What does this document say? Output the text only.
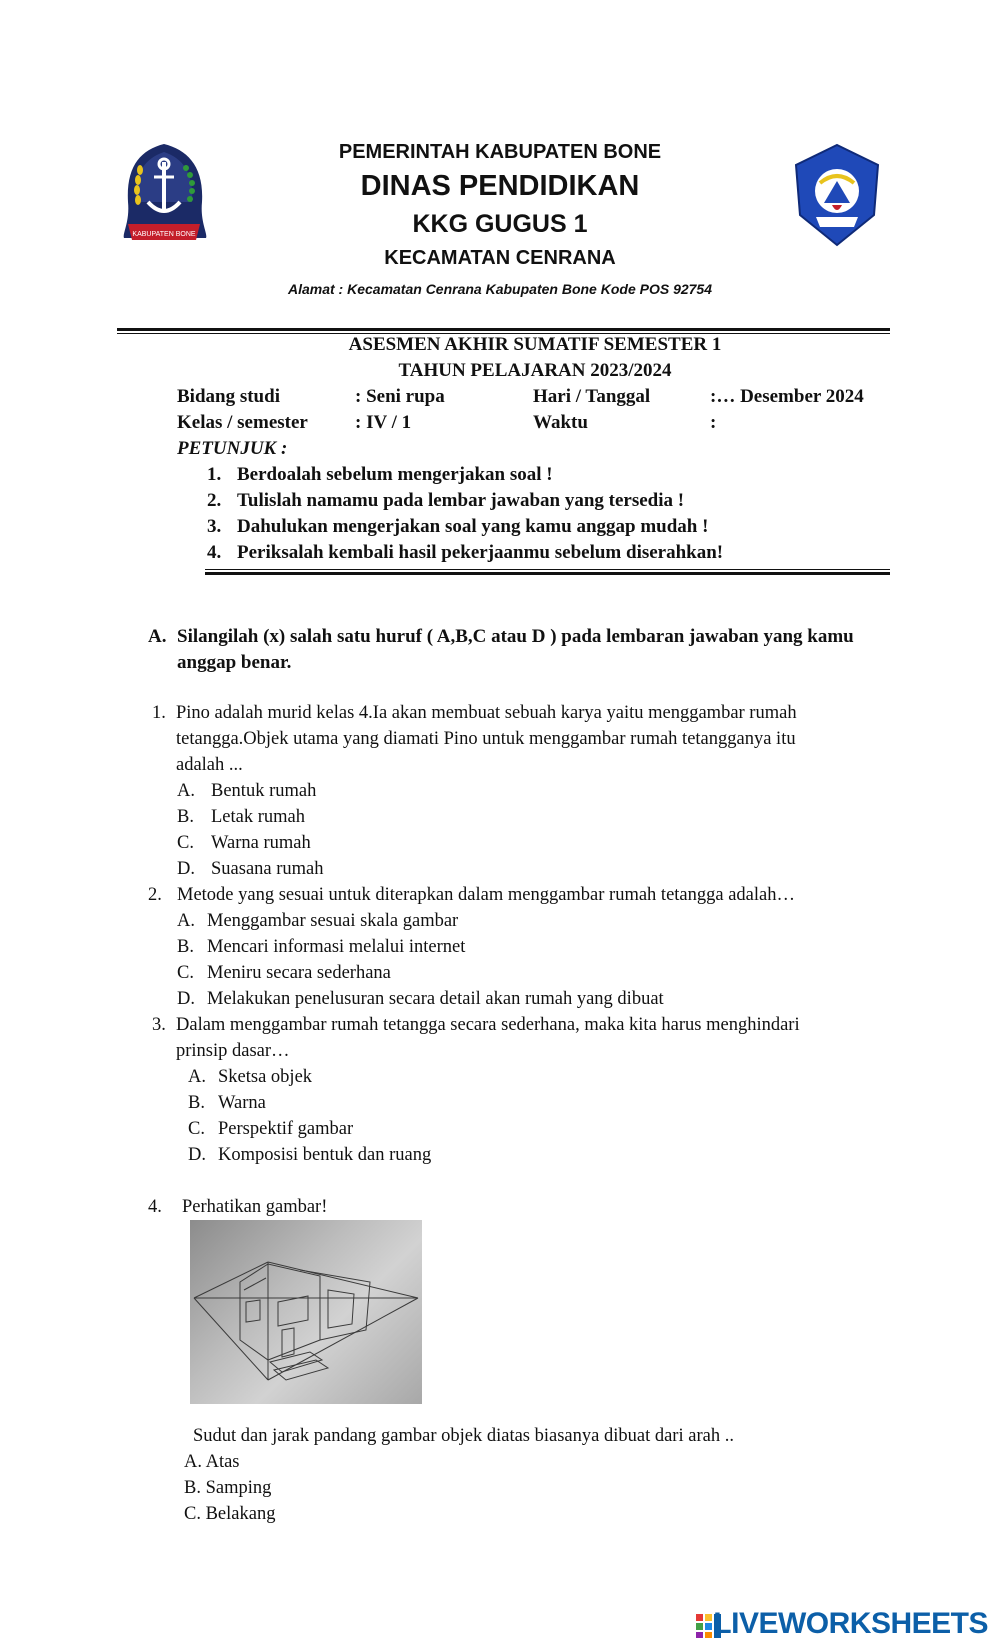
KABUPATEN BONE
PEMERINTAH KABUPATEN BONE
DINAS PENDIDIKAN
KKG GUGUS 1
KECAMATAN CENRANA
Alamat : Kecamatan Cenrana Kabupaten Bone Kode POS 92754
ASESMEN AKHIR SUMATIF SEMESTER 1
TAHUN PELAJARAN 2023/2024
Bidang studi	: Seni rupa	Hari / Tanggal	:… Desember 2024
Kelas / semester : IV / 1	Waktu	:
PETUNJUK :
1. Berdoalah sebelum mengerjakan soal !
2. Tulislah namamu pada lembar jawaban yang tersedia !
3. Dahulukan mengerjakan soal yang kamu anggap mudah !
4. Periksalah kembali hasil pekerjaanmu sebelum diserahkan!
A. Silangilah (x) salah satu huruf ( A,B,C atau D ) pada lembaran jawaban yang kamu
anggap benar.
1. Pino adalah murid kelas 4.Ia akan membuat sebuah karya yaitu menggambar rumah
tetangga.Objek utama yang diamati Pino untuk menggambar rumah tetangganya itu
adalah ...
A. Bentuk rumah
B. Letak rumah
C. Warna rumah
D. Suasana rumah
2. Metode yang sesuai untuk diterapkan dalam menggambar rumah tetangga adalah…
A. Menggambar sesuai skala gambar
B. Mencari informasi melalui internet
C. Meniru secara sederhana
D. Melakukan penelusuran secara detail akan rumah yang dibuat
3. Dalam menggambar rumah tetangga secara sederhana, maka kita harus menghindari
prinsip dasar…
A. Sketsa objek
B. Warna
C. Perspektif gambar
D. Komposisi bentuk dan ruang
4. Perhatikan gambar!
Sudut dan jarak pandang gambar objek diatas biasanya dibuat dari arah ..
A. Atas
B. Samping
C. Belakang
LIVEWORKSHEETS
